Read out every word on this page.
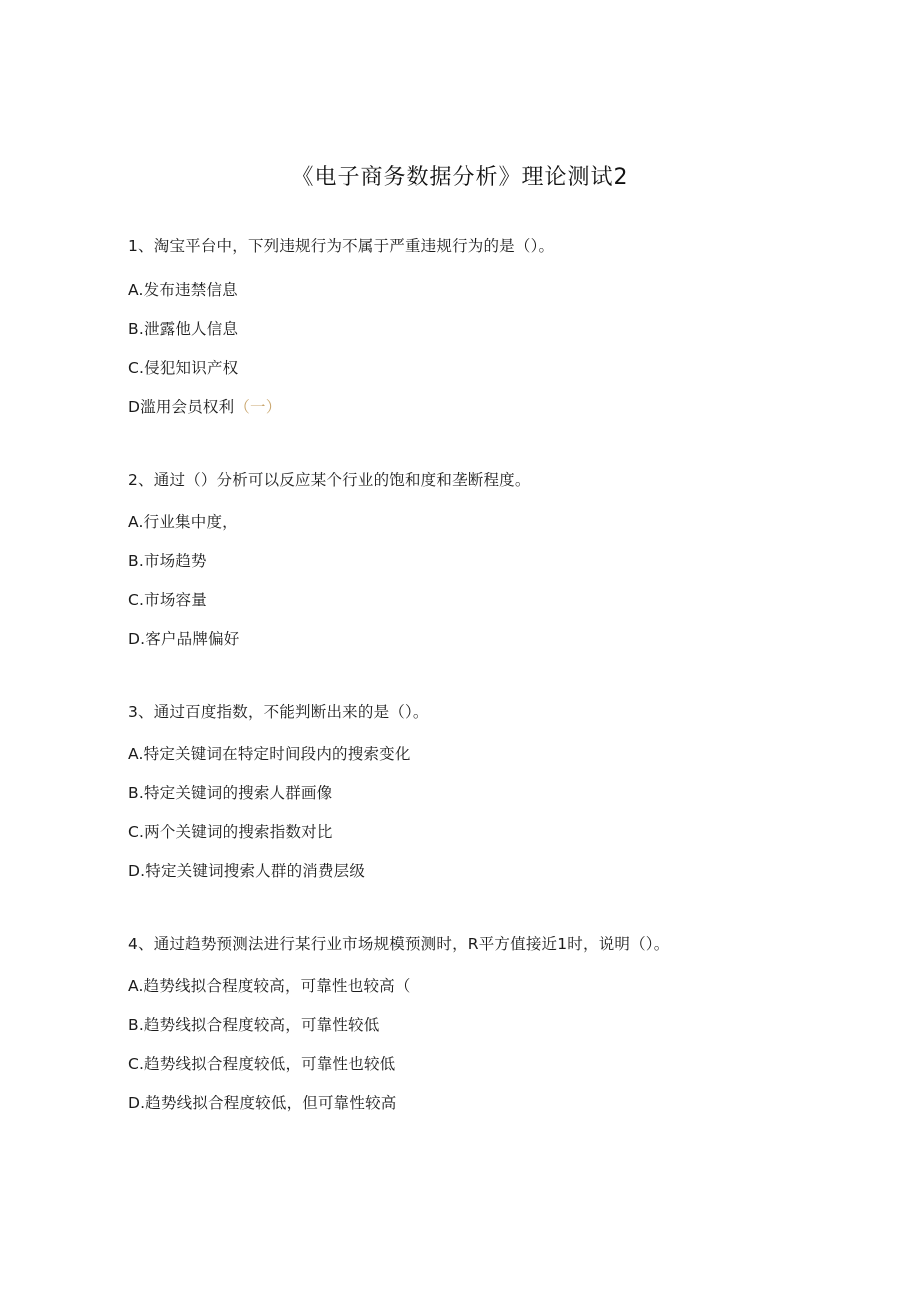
《电子商务数据分析》理论测试2
1、淘宝平台中，下列违规行为不属于严重违规行为的是（）。
A.发布违禁信息
B.泄露他人信息
C.侵犯知识产权
D滥用会员权利（一）
2、通过（）分析可以反应某个行业的饱和度和垄断程度。
A.行业集中度，
B.市场趋势
C.市场容量
D.客户品牌偏好
3、通过百度指数，不能判断出来的是（）。
A.特定关键词在特定时间段内的搜索变化
B.特定关键词的搜索人群画像
C.两个关键词的搜索指数对比
D.特定关键词搜索人群的消费层级
4、通过趋势预测法进行某行业市场规模预测时，R平方值接近1时，说明（）。
A.趋势线拟合程度较高，可靠性也较高（
B.趋势线拟合程度较高，可靠性较低
C.趋势线拟合程度较低，可靠性也较低
D.趋势线拟合程度较低，但可靠性较高
